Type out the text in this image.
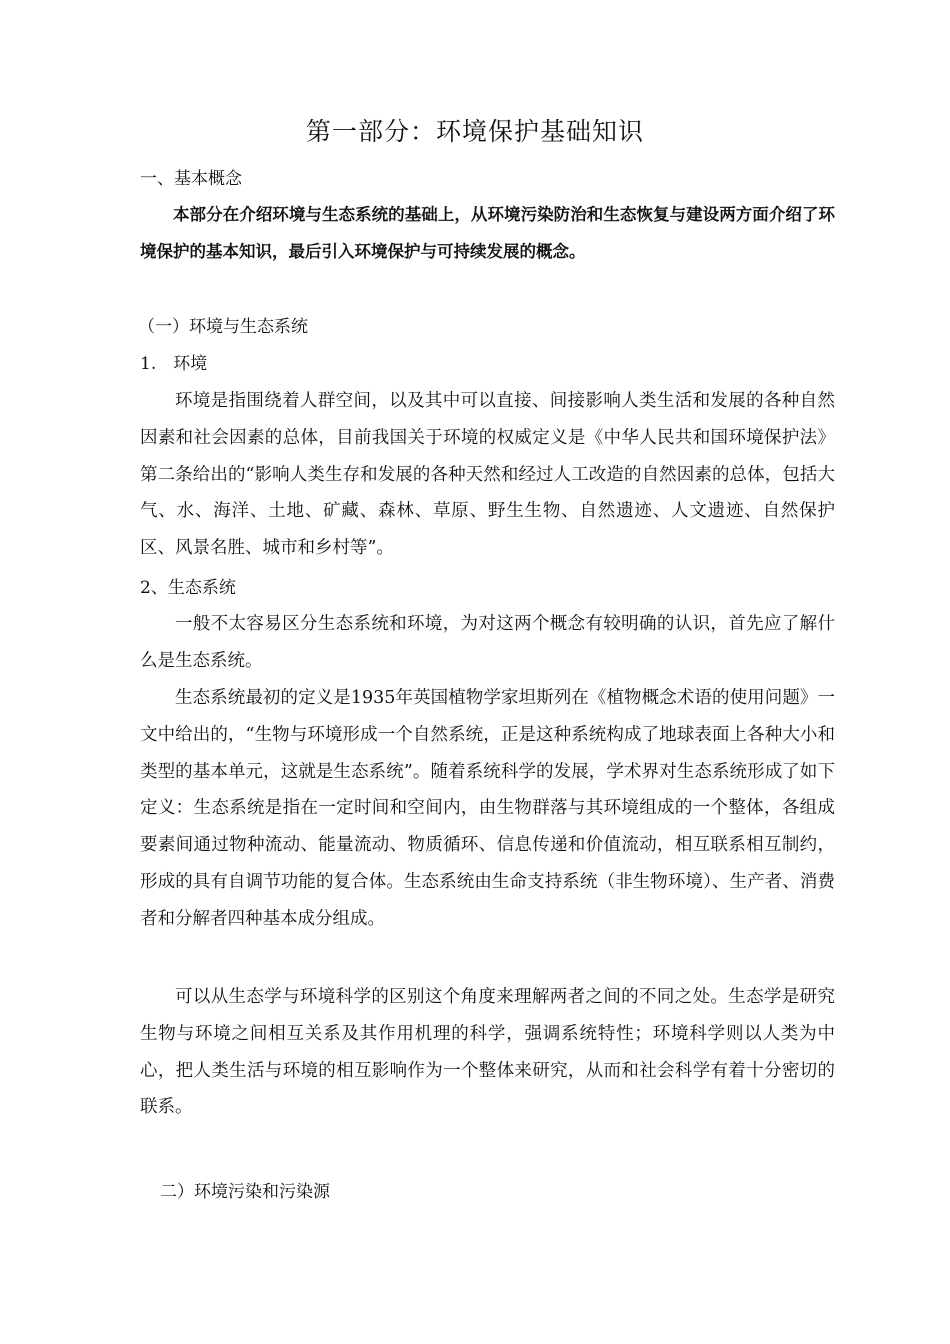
第一部分：环境保护基础知识
一、基本概念

本部分在介绍环境与生态系统的基础上，从环境污染防治和生态恢复与建设两方面介绍了环境保护的基本知识，最后引入环境保护与可持续发展的概念。

（一）环境与生态系统
1.　环境

环境是指围绕着人群空间，以及其中可以直接、间接影响人类生活和发展的各种自然因素和社会因素的总体，目前我国关于环境的权威定义是《中华人民共和国环境保护法》第二条给出的“影响人类生存和发展的各种天然和经过人工改造的自然因素的总体，包括大气、水、海洋、土地、矿藏、森林、草原、野生生物、自然遗迹、人文遗迹、自然保护区、风景名胜、城市和乡村等”。

2、生态系统

一般不太容易区分生态系统和环境，为对这两个概念有较明确的认识，首先应了解什么是生态系统。

生态系统最初的定义是1935年英国植物学家坦斯列在《植物概念术语的使用问题》一文中给出的，“生物与环境形成一个自然系统，正是这种系统构成了地球表面上各种大小和类型的基本单元，这就是生态系统”。随着系统科学的发展，学术界对生态系统形成了如下定义：生态系统是指在一定时间和空间内，由生物群落与其环境组成的一个整体，各组成要素间通过物种流动、能量流动、物质循环、信息传递和价值流动，相互联系相互制约，形成的具有自调节功能的复合体。生态系统由生命支持系统（非生物环境）、生产者、消费者和分解者四种基本成分组成。

可以从生态学与环境科学的区别这个角度来理解两者之间的不同之处。生态学是研究生物与环境之间相互关系及其作用机理的科学，强调系统特性；环境科学则以人类为中心，把人类生活与环境的相互影响作为一个整体来研究，从而和社会科学有着十分密切的联系。

二）环境污染和污染源
